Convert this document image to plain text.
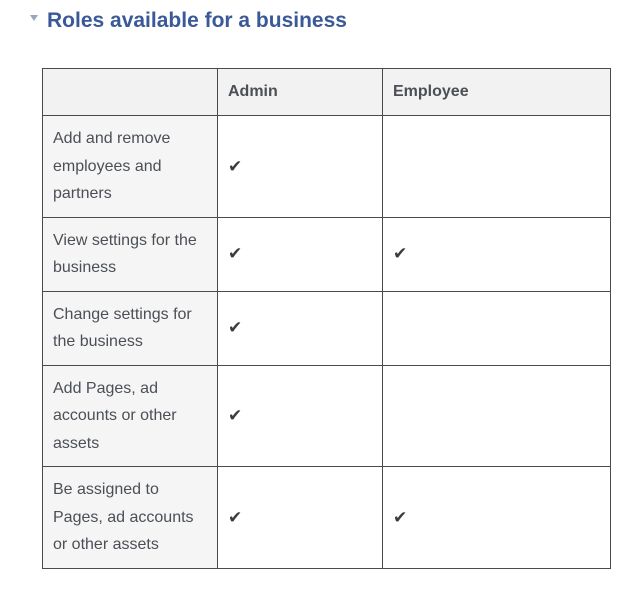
Roles available for a business
	Admin	Employee
Add and remove employees and partners	✔	
View settings for the business	✔	✔
Change settings for the business	✔	
Add Pages, ad accounts or other assets	✔	
Be assigned to Pages, ad accounts or other assets	✔	✔
